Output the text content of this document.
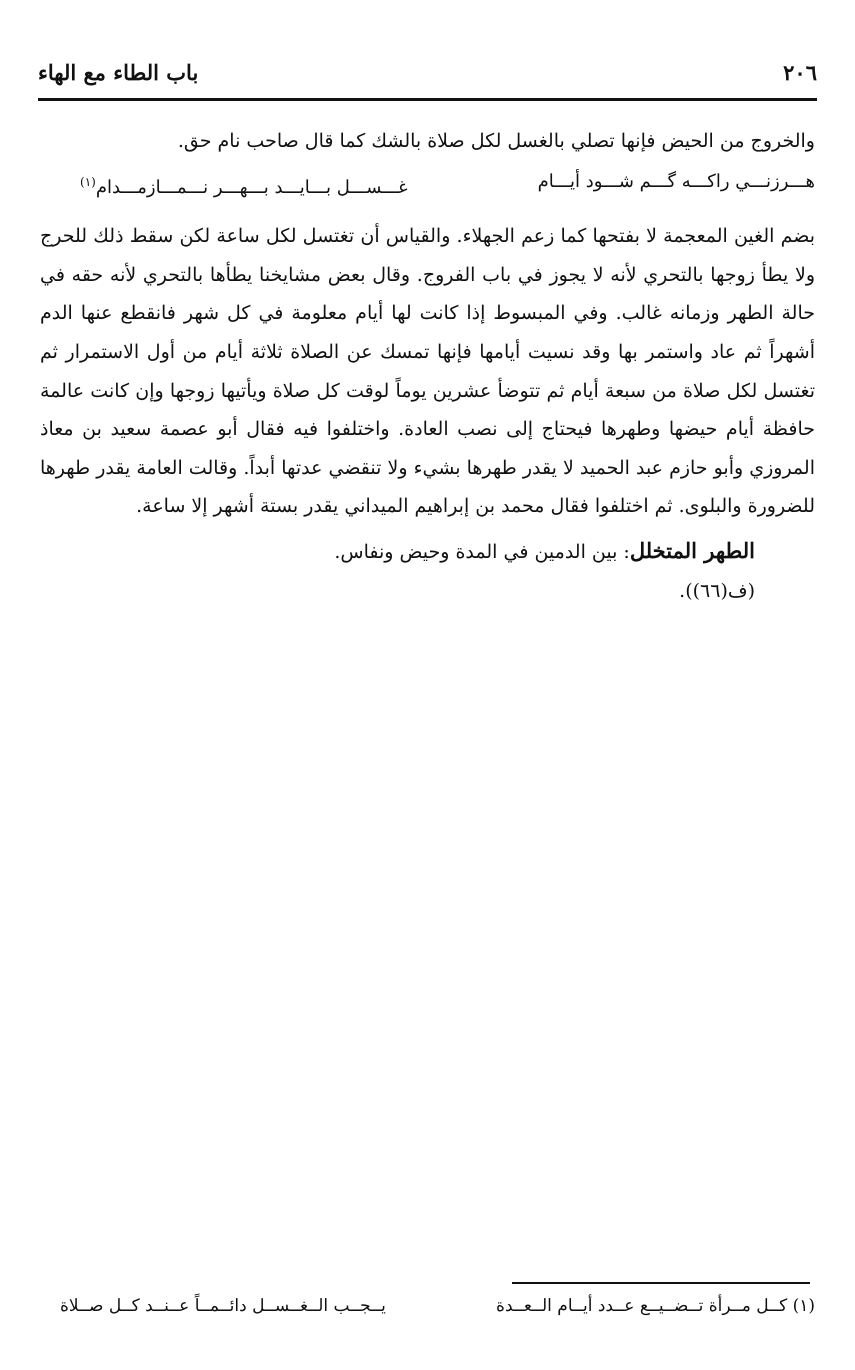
٢٠٦
باب الطاء مع الهاء

والخروج من الحيض فإنها تصلي بالغسل لكل صلاة بالشك كما قال صاحب نام حق.

هـــرزنـــي راكـــه گـــم شـــود أيـــام
غـــســـل بـــايـــد بـــهـــر نـــمـــازمـــدام$^{(١)}$

بضم الغين المعجمة لا بفتحها كما زعم الجهلاء. والقياس أن تغتسل لكل ساعة لكن سقط ذلك للحرج ولا يطأ زوجها بالتحري لأنه لا يجوز في باب الفروج. وقال بعض مشايخنا يطأها بالتحري لأنه حقه في حالة الطهر وزمانه غالب. وفي المبسوط إذا كانت لها أيام معلومة في كل شهر فانقطع عنها الدم أشهراً ثم عاد واستمر بها وقد نسيت أيامها فإنها تمسك عن الصلاة ثلاثة أيام من أول الاستمرار ثم تغتسل لكل صلاة من سبعة أيام ثم تتوضأ عشرين يوماً لوقت كل صلاة ويأتيها زوجها وإن كانت عالمة حافظة أيام حيضها وطهرها فيحتاج إلى نصب العادة. واختلفوا فيه فقال أبو عصمة سعيد بن معاذ المروزي وأبو حازم عبد الحميد لا يقدر طهرها بشيء ولا تنقضي عدتها أبداً. وقالت العامة يقدر طهرها للضرورة والبلوى. ثم اختلفوا فقال محمد بن إبراهيم الميداني يقدر بستة أشهر إلا ساعة.

الطهر المتخلل: بين الدمين في المدة وحيض ونفاس.

(ف(٦٦)).

(١) كــل مــرأة تــضــيــع عــدد أيــام الــعــدة
يــجــب الــغــســل دائــمــاً عــنــد كــل صــلاة
